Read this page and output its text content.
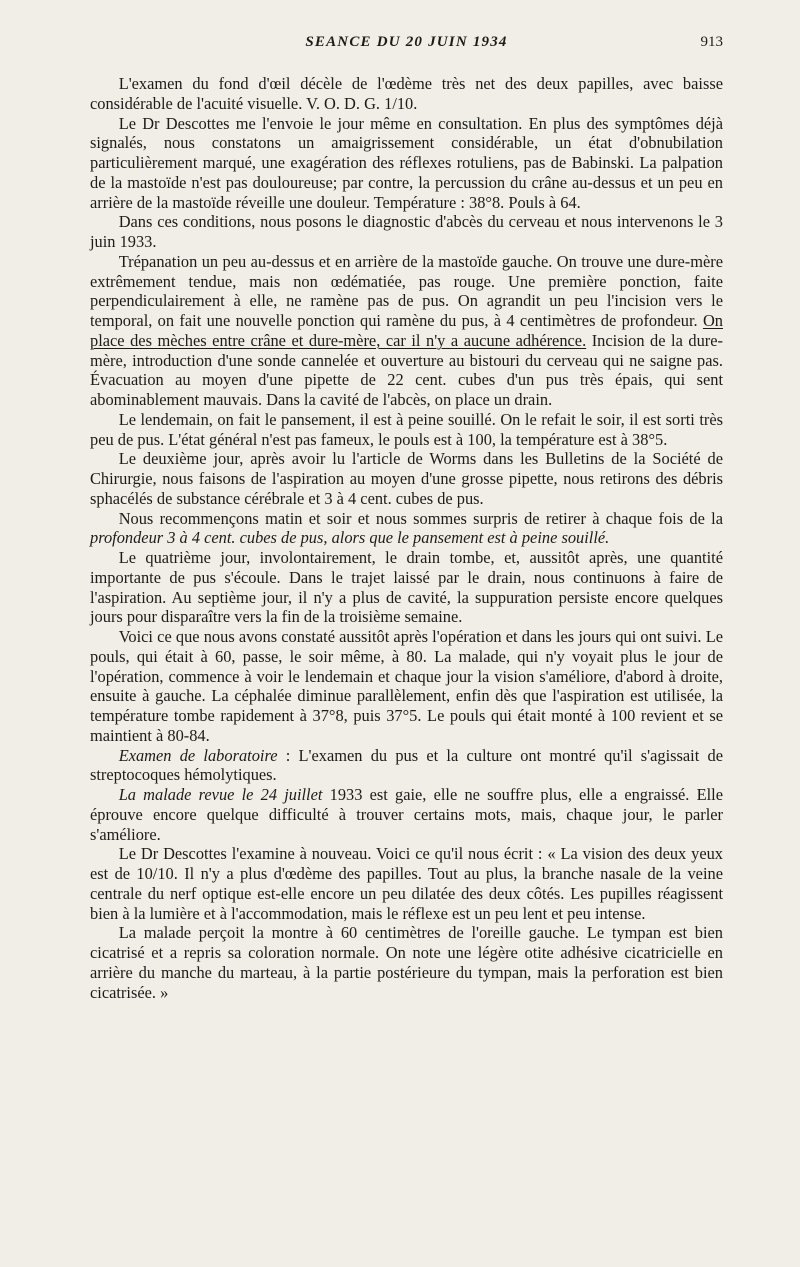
SEANCE DU 20 JUIN 1934	913

L'examen du fond d'œil décèle de l'œdème très net des deux papilles, avec baisse considérable de l'acuité visuelle. V. O. D. G. 1/10.

Le Dr Descottes me l'envoie le jour même en consultation. En plus des symptômes déjà signalés, nous constatons un amaigrissement considérable, un état d'obnubilation particulièrement marqué, une exagération des réflexes rotuliens, pas de Babinski. La palpation de la mastoïde n'est pas douloureuse; par contre, la percussion du crâne au-dessus et un peu en arrière de la mastoïde réveille une douleur. Température : 38°8. Pouls à 64.

Dans ces conditions, nous posons le diagnostic d'abcès du cerveau et nous intervenons le 3 juin 1933.

Trépanation un peu au-dessus et en arrière de la mastoïde gauche. On trouve une dure-mère extrêmement tendue, mais non œdématiée, pas rouge. Une première ponction, faite perpendiculairement à elle, ne ramène pas de pus. On agrandit un peu l'incision vers le temporal, on fait une nouvelle ponction qui ramène du pus, à 4 centimètres de profondeur. On place des mèches entre crâne et dure-mère, car il n'y a aucune adhérence. Incision de la dure-mère, introduction d'une sonde cannelée et ouverture au bistouri du cerveau qui ne saigne pas. Évacuation au moyen d'une pipette de 22 cent. cubes d'un pus très épais, qui sent abominablement mauvais. Dans la cavité de l'abcès, on place un drain.

Le lendemain, on fait le pansement, il est à peine souillé. On le refait le soir, il est sorti très peu de pus. L'état général n'est pas fameux, le pouls est à 100, la température est à 38°5.

Le deuxième jour, après avoir lu l'article de Worms dans les Bulletins de la Société de Chirurgie, nous faisons de l'aspiration au moyen d'une grosse pipette, nous retirons des débris sphacélés de substance cérébrale et 3 à 4 cent. cubes de pus.

Nous recommençons matin et soir et nous sommes surpris de retirer à chaque fois de la profondeur 3 à 4 cent. cubes de pus, alors que le pansement est à peine souillé.

Le quatrième jour, involontairement, le drain tombe, et, aussitôt après, une quantité importante de pus s'écoule. Dans le trajet laissé par le drain, nous continuons à faire de l'aspiration. Au septième jour, il n'y a plus de cavité, la suppuration persiste encore quelques jours pour disparaître vers la fin de la troisième semaine.

Voici ce que nous avons constaté aussitôt après l'opération et dans les jours qui ont suivi. Le pouls, qui était à 60, passe, le soir même, à 80. La malade, qui n'y voyait plus le jour de l'opération, commence à voir le lendemain et chaque jour la vision s'améliore, d'abord à droite, ensuite à gauche. La céphalée diminue parallèlement, enfin dès que l'aspiration est utilisée, la température tombe rapidement à 37°8, puis 37°5. Le pouls qui était monté à 100 revient et se maintient à 80-84.

Examen de laboratoire : L'examen du pus et la culture ont montré qu'il s'agissait de streptocoques hémolytiques.

La malade revue le 24 juillet 1933 est gaie, elle ne souffre plus, elle a engraissé. Elle éprouve encore quelque difficulté à trouver certains mots, mais, chaque jour, le parler s'améliore.

Le Dr Descottes l'examine à nouveau. Voici ce qu'il nous écrit : « La vision des deux yeux est de 10/10. Il n'y a plus d'œdème des papilles. Tout au plus, la branche nasale de la veine centrale du nerf optique est-elle encore un peu dilatée des deux côtés. Les pupilles réagissent bien à la lumière et à l'accommodation, mais le réflexe est un peu lent et peu intense.

La malade perçoit la montre à 60 centimètres de l'oreille gauche. Le tympan est bien cicatrisé et a repris sa coloration normale. On note une légère otite adhésive cicatricielle en arrière du manche du marteau, à la partie postérieure du tympan, mais la perforation est bien cicatrisée. »
